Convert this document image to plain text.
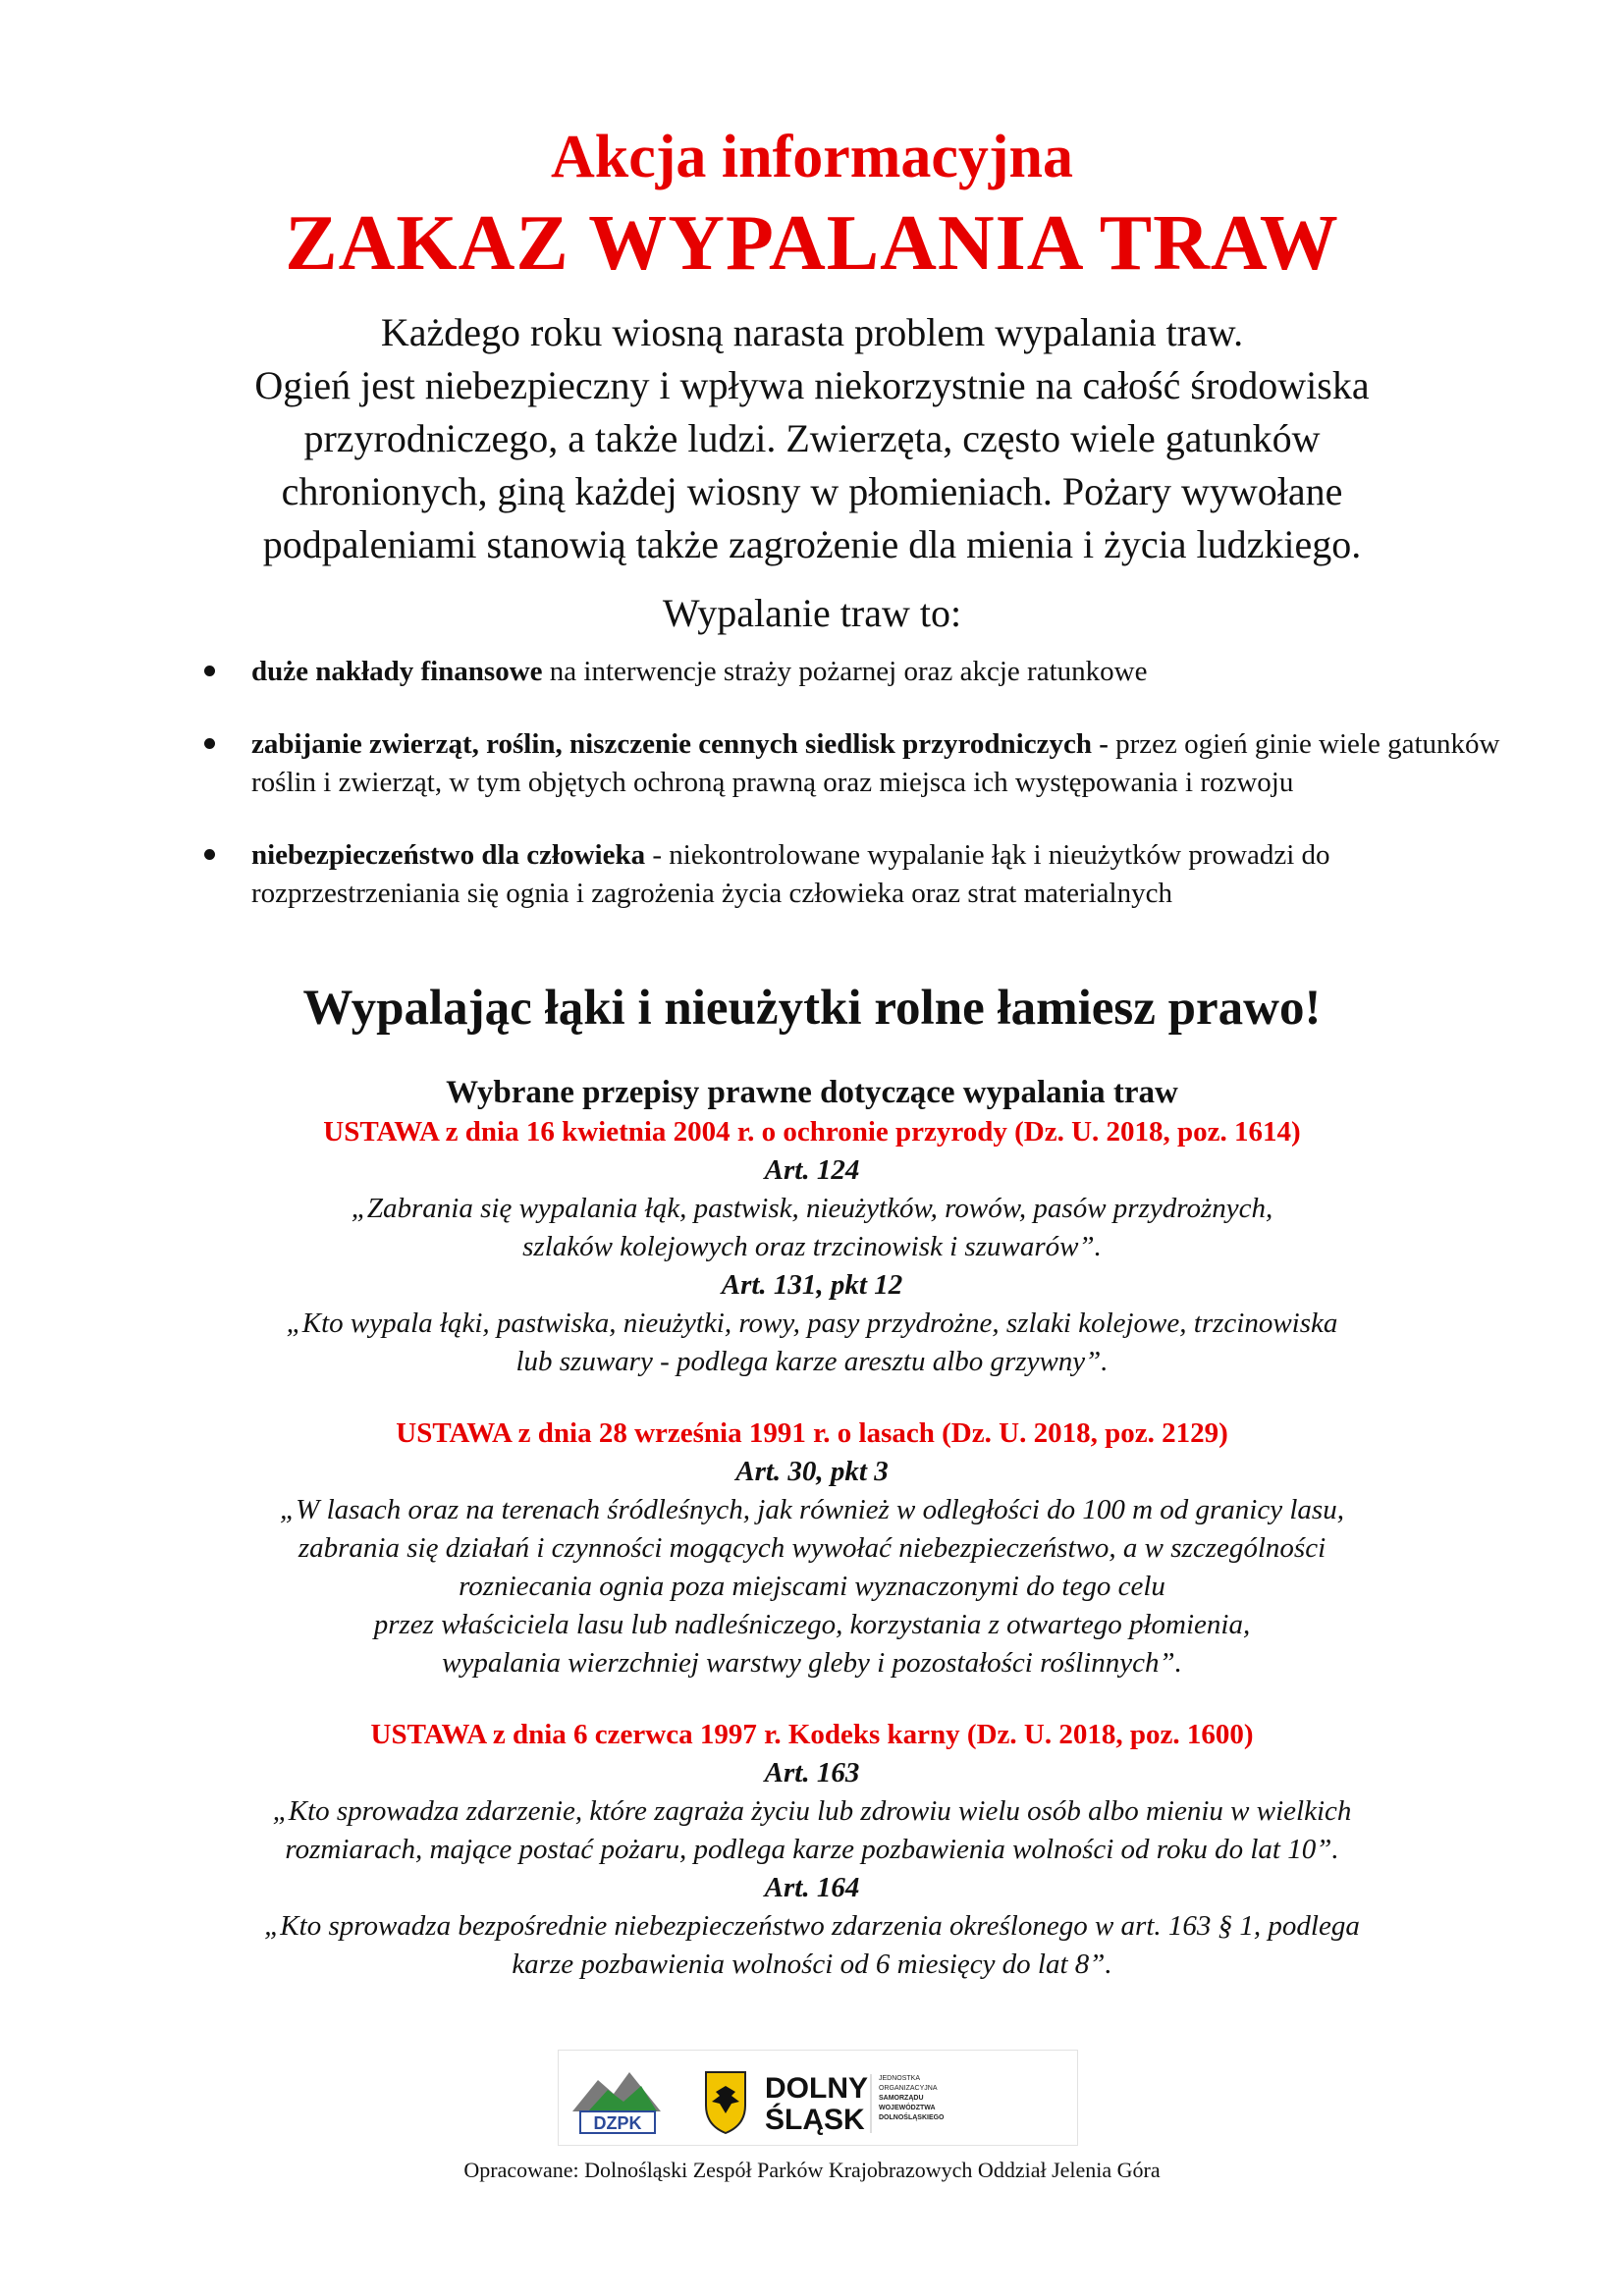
Akcja informacyjna
ZAKAZ WYPALANIA TRAW
Każdego roku wiosną narasta problem wypalania traw.
Ogień jest niebezpieczny i wpływa niekorzystnie na całość środowiska
przyrodniczego, a także ludzi. Zwierzęta, często wiele gatunków
chronionych, giną każdej wiosny w płomieniach. Pożary wywołane
podpaleniami stanowią także zagrożenie dla mienia i życia ludzkiego.
Wypalanie traw to:
duże nakłady finansowe na interwencje straży pożarnej oraz akcje ratunkowe
zabijanie zwierząt, roślin, niszczenie cennych siedlisk przyrodniczych - przez ogień ginie wiele gatunków roślin i zwierząt, w tym objętych ochroną prawną oraz miejsca ich występowania i rozwoju
niebezpieczeństwo dla człowieka - niekontrolowane wypalanie łąk i nieużytków prowadzi do rozprzestrzeniania się ognia i zagrożenia życia człowieka oraz strat materialnych
Wypalając łąki i nieużytki rolne łamiesz prawo!
Wybrane przepisy prawne dotyczące wypalania traw
USTAWA z dnia 16 kwietnia 2004 r. o ochronie przyrody (Dz. U. 2018, poz. 1614)
Art. 124
„Zabrania się wypalania łąk, pastwisk, nieużytków, rowów, pasów przydrożnych,
szlaków kolejowych oraz trzcinowisk i szuwarów”.
Art. 131, pkt 12
„Kto wypala łąki, pastwiska, nieużytki, rowy, pasy przydrożne, szlaki kolejowe, trzcinowiska
lub szuwary - podlega karze aresztu albo grzywny”.
USTAWA z dnia 28 września 1991 r. o lasach (Dz. U. 2018, poz. 2129)
Art. 30, pkt 3
„W lasach oraz na terenach śródleśnych, jak również w odległości do 100 m od granicy lasu,
zabrania się działań i czynności mogących wywołać niebezpieczeństwo, a w szczególności
rozniecania ognia poza miejscami wyznaczonymi do tego celu
przez właściciela lasu lub nadleśniczego, korzystania z otwartego płomienia,
wypalania wierzchniej warstwy gleby i pozostałości roślinnych”.
USTAWA z dnia 6 czerwca 1997 r. Kodeks karny (Dz. U. 2018, poz. 1600)
Art. 163
„Kto sprowadza zdarzenie, które zagraża życiu lub zdrowiu wielu osób albo mieniu w wielkich
rozmiarach, mające postać pożaru, podlega karze pozbawienia wolności od roku do lat 10”.
Art. 164
„Kto sprowadza bezpośrednie niebezpieczeństwo zdarzenia określonego w art. 163 § 1, podlega
karze pozbawienia wolności od 6 miesięcy do lat 8”.
DZPK
DOLNY
ŚLĄSK
JEDNOSTKA
ORGANIZACYJNA
SAMORZĄDU
WOJEWÓDZTWA
DOLNOŚLĄSKIEGO
Opracowane: Dolnośląski Zespół Parków Krajobrazowych Oddział Jelenia Góra
